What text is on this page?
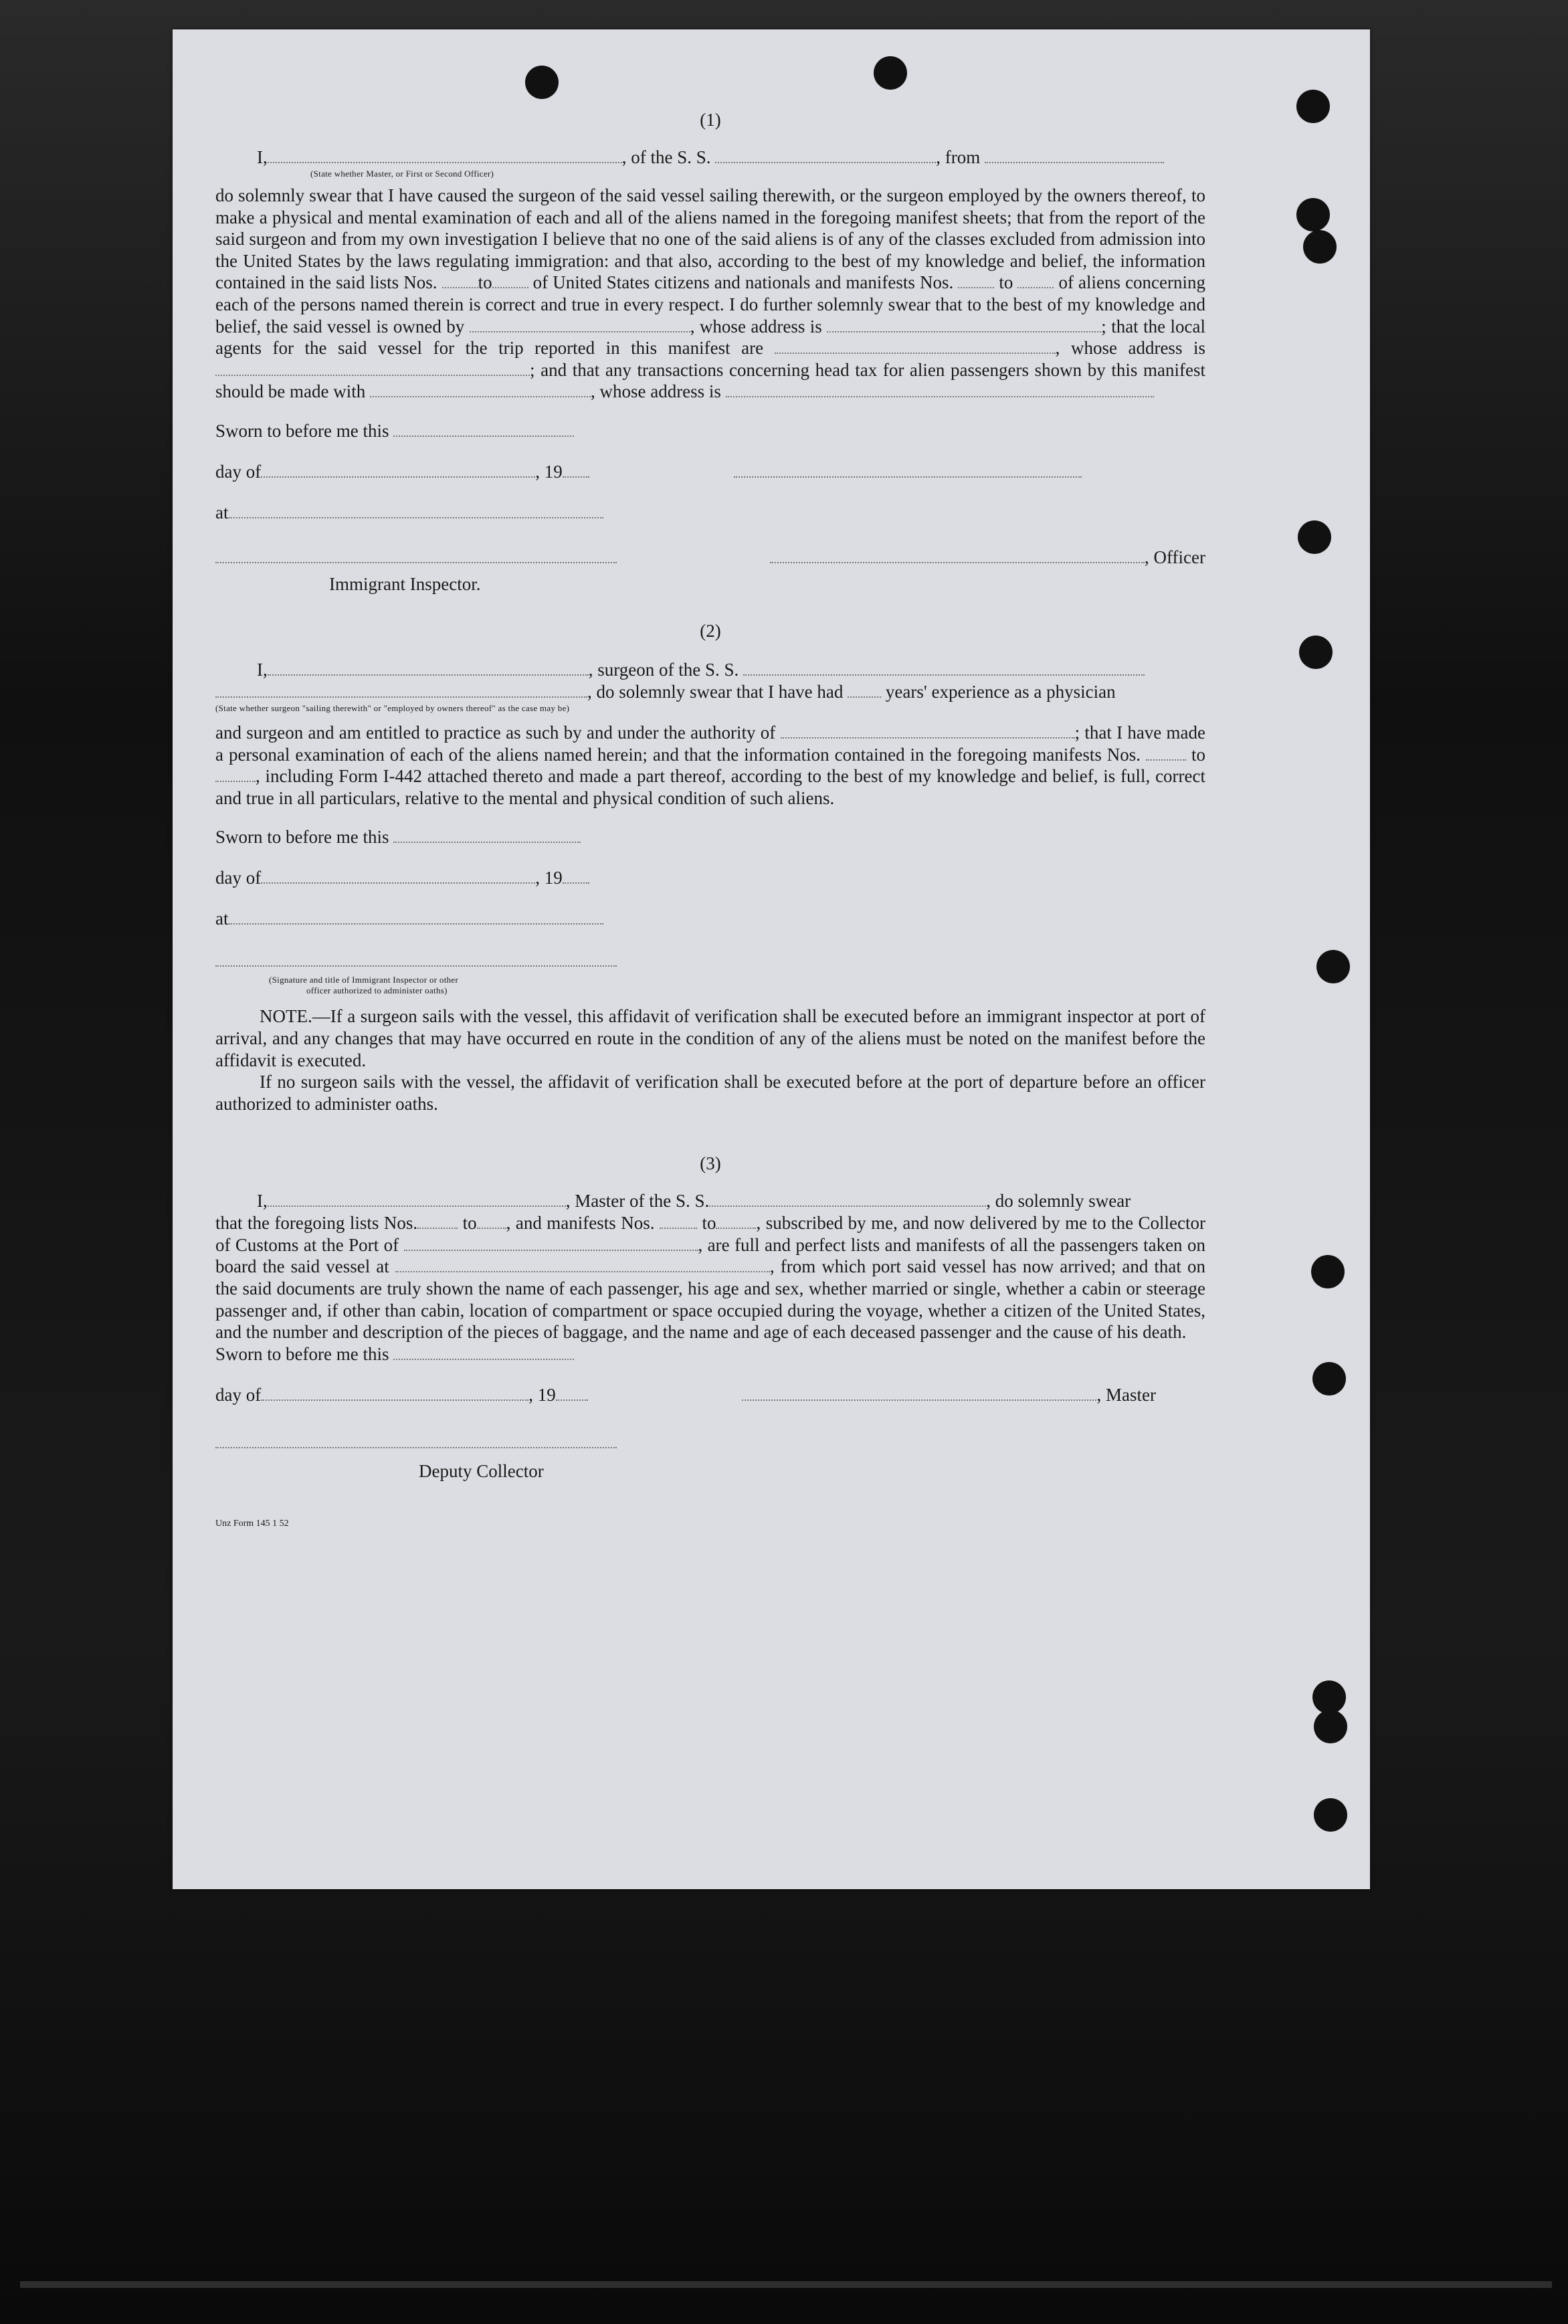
(1)
I,	, of the S. S.	, from
(State whether Master, or First or Second Officer)
do solemnly swear that I have caused the surgeon of the said vessel sailing therewith, or the surgeon employed by the owners thereof, to make a physical and mental examination of each and all of the aliens named in the foregoing manifest sheets; that from the report of the said surgeon and from my own investigation I believe that no one of the said aliens is of any of the classes excluded from admission into the United States by the laws regulating immigration: and that also, according to the best of my knowledge and belief, the information contained in the said lists Nos. to of United States citizens and nationals and manifests Nos.	to	of aliens concerning each of the persons named therein is correct and true in every respect. I do further solemnly swear that to the best of my knowledge and belief, the said vessel is owned by	, whose address is	; that the local agents for the said vessel for the trip reported in this manifest are	, whose address is ; and that any transactions concerning head tax for alien passengers shown by this manifest should be made with	, whose address is
Sworn to before me this
day of	, 19
at
, Officer
Immigrant Inspector.
(2)
I,	, surgeon of the S. S.
, do solemnly swear that I have had years' experience as a physician
(State whether surgeon "sailing therewith" or "employed by owners thereof" as the case may be)
and surgeon and am entitled to practice as such by and under the authority of	; that I have made a personal examination of each of the aliens named herein; and that the information contained in the foregoing manifests Nos.	to , including Form I-442 attached thereto and made a part thereof, according to the best of my knowledge and belief, is full, correct and true in all particulars, relative to the mental and physical condition of such aliens.
Sworn to before me this
day of	, 19
at
(Signature and title of Immigrant Inspector or other
officer authorized to administer oaths)
NOTE.—If a surgeon sails with the vessel, this affidavit of verification shall be executed before an immigrant inspector at port of arrival, and any changes that may have occurred en route in the condition of any of the aliens must be noted on the manifest before the affidavit is executed.
If no surgeon sails with the vessel, the affidavit of verification shall be executed before at the port of departure before an officer authorized to administer oaths.
(3)
I,	, Master of the S. S.	, do solemnly swear
that the foregoing lists Nos. to , and manifests Nos.	to , subscribed by me, and now delivered by me to the Collector of Customs at the Port of	, are full and perfect lists and manifests of all the passengers taken on board the said vessel at	, from which port said vessel has now arrived; and that on the said documents are truly shown the name of each passenger, his age and sex, whether married or single, whether a cabin or steerage passenger and, if other than cabin, location of compartment or space occupied during the voyage, whether a citizen of the United States, and the number and description of the pieces of baggage, and the name and age of each deceased passenger and the cause of his death.
Sworn to before me this
day of	, 19	, Master
Deputy Collector
Unz Form 145 1 52
